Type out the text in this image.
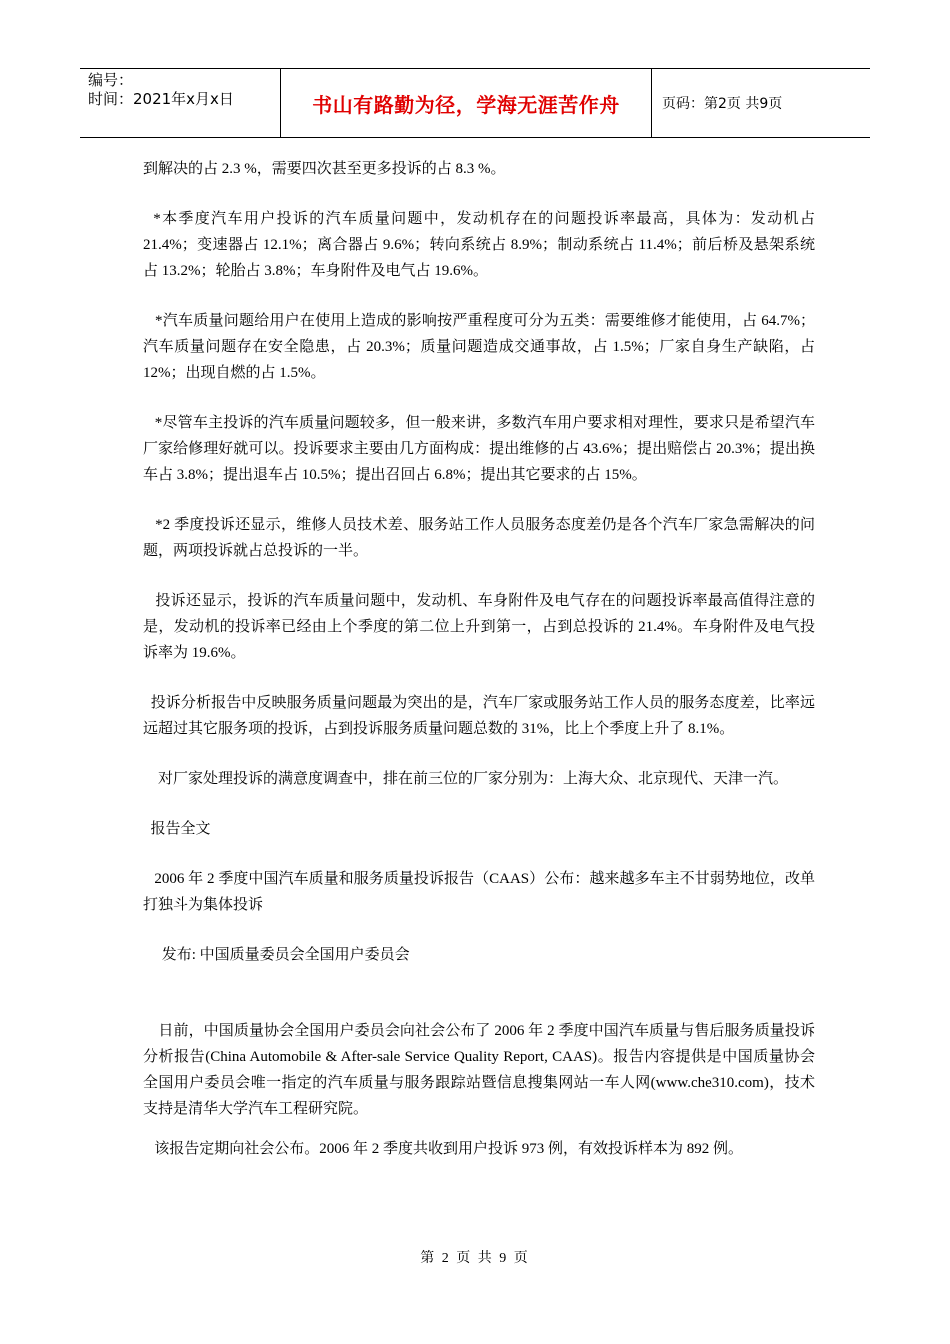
编号：
时间：2021年x月x日	书山有路勤为径，学海无涯苦作舟	页码：第2页 共9页

到解决的占 2.3 %，需要四次甚至更多投诉的占 8.3 %。

*本季度汽车用户投诉的汽车质量问题中，发动机存在的问题投诉率最高，具体为：发动机占 21.4%；变速器占 12.1%；离合器占 9.6%；转向系统占 8.9%；制动系统占 11.4%；前后桥及悬架系统占 13.2%；轮胎占 3.8%；车身附件及电气占 19.6%。

*汽车质量问题给用户在使用上造成的影响按严重程度可分为五类：需要维修才能使用，占 64.7%；汽车质量问题存在安全隐患，占 20.3%；质量问题造成交通事故，占 1.5%；厂家自身生产缺陷，占 12%；出现自燃的占 1.5%。

*尽管车主投诉的汽车质量问题较多，但一般来讲，多数汽车用户要求相对理性，要求只是希望汽车厂家给修理好就可以。投诉要求主要由几方面构成：提出维修的占 43.6%；提出赔偿占 20.3%；提出换车占 3.8%；提出退车占 10.5%；提出召回占 6.8%；提出其它要求的占 15%。

*2 季度投诉还显示，维修人员技术差、服务站工作人员服务态度差仍是各个汽车厂家急需解决的问题，两项投诉就占总投诉的一半。

投诉还显示，投诉的汽车质量问题中，发动机、车身附件及电气存在的问题投诉率最高值得注意的是，发动机的投诉率已经由上个季度的第二位上升到第一，占到总投诉的 21.4%。车身附件及电气投诉率为 19.6%。

投诉分析报告中反映服务质量问题最为突出的是，汽车厂家或服务站工作人员的服务态度差，比率远远超过其它服务项的投诉，占到投诉服务质量问题总数的 31%，比上个季度上升了 8.1%。

对厂家处理投诉的满意度调查中，排在前三位的厂家分别为：上海大众、北京现代、天津一汽。

报告全文

2006 年 2 季度中国汽车质量和服务质量投诉报告（CAAS）公布：越来越多车主不甘弱势地位，改单打独斗为集体投诉

发布: 中国质量委员会全国用户委员会

日前，中国质量协会全国用户委员会向社会公布了 2006 年 2 季度中国汽车质量与售后服务质量投诉分析报告(China Automobile & After-sale Service Quality Report, CAAS)。报告内容提供是中国质量协会全国用户委员会唯一指定的汽车质量与服务跟踪站暨信息搜集网站一车人网(www.che310.com)，技术支持是清华大学汽车工程研究院。

该报告定期向社会公布。2006 年 2 季度共收到用户投诉 973 例，有效投诉样本为 892 例。

第 2 页 共 9 页
